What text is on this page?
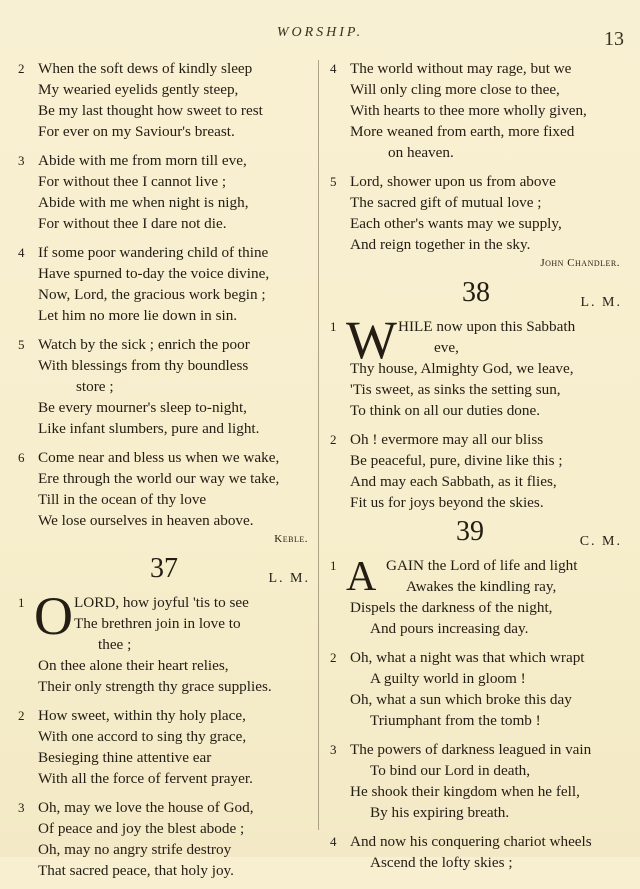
WORSHIP.	13
2 When the soft dews of kindly sleep
My wearied eyelids gently steep,
Be my last thought how sweet to rest
For ever on my Saviour's breast.
3 Abide with me from morn till eve,
For without thee I cannot live ;
Abide with me when night is nigh,
For without thee I dare not die.
4 If some poor wandering child of thine
Have spurned to-day the voice divine,
Now, Lord, the gracious work begin ;
Let him no more lie down in sin.
5 Watch by the sick ; enrich the poor
With blessings from thy boundless
store ;
Be every mourner's sleep to-night,
Like infant slumbers, pure and light.
6 Come near and bless us when we wake,
Ere through the world our way we take,
Till in the ocean of thy love
We lose ourselves in heaven above.
Keble.
37	L. M.
1 O LORD, how joyful 'tis to see
The brethren join in love to
thee ;
On thee alone their heart relies,
Their only strength thy grace supplies.
2 How sweet, within thy holy place,
With one accord to sing thy grace,
Besieging thine attentive ear
With all the force of fervent prayer.
3 Oh, may we love the house of God,
Of peace and joy the blest abode ;
Oh, may no angry strife destroy
That sacred peace, that holy joy.
4 The world without may rage, but we
Will only cling more close to thee,
With hearts to thee more wholly given,
More weaned from earth, more fixed
on heaven.
5 Lord, shower upon us from above
The sacred gift of mutual love ;
Each other's wants may we supply,
And reign together in the sky.
John Chandler.
38	L. M.
1 W HILE now upon this Sabbath
eve,
Thy house, Almighty God, we leave,
'Tis sweet, as sinks the setting sun,
To think on all our duties done.
2 Oh ! evermore may all our bliss
Be peaceful, pure, divine like this ;
And may each Sabbath, as it flies,
Fit us for joys beyond the skies.
39	C. M.
1 A GAIN the Lord of life and light
Awakes the kindling ray,
Dispels the darkness of the night,
And pours increasing day.
2 Oh, what a night was that which wrapt
A guilty world in gloom !
Oh, what a sun which broke this day
Triumphant from the tomb !
3 The powers of darkness leagued in vain
To bind our Lord in death,
He shook their kingdom when he fell,
By his expiring breath.
4 And now his conquering chariot wheels
Ascend the lofty skies ;
